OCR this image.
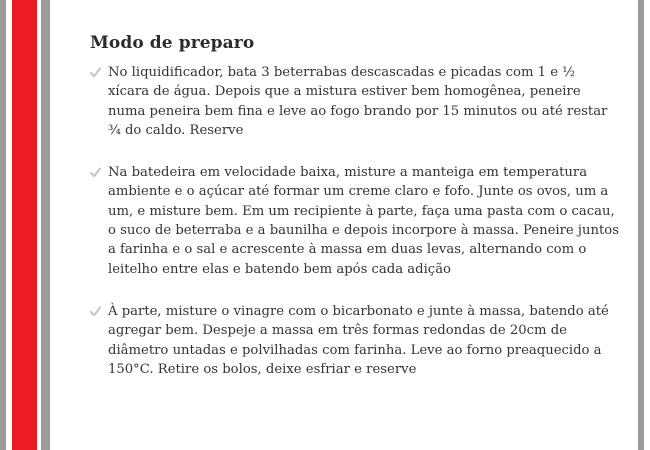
Modo de preparo
No liquidificador, bata 3 beterrabas descascadas e picadas com 1 e ½ xícara de água. Depois que a mistura estiver bem homogênea, peneire numa peneira bem fina e leve ao fogo brando por 15 minutos ou até restar ¾ do caldo. Reserve
Na batedeira em velocidade baixa, misture a manteiga em temperatura ambiente e o açúcar até formar um creme claro e fofo. Junte os ovos, um a um, e misture bem. Em um recipiente à parte, faça uma pasta com o cacau, o suco de beterraba e a baunilha e depois incorpore à massa. Peneire juntos a farinha e o sal e acrescente à massa em duas levas, alternando com o leitelho entre elas e batendo bem após cada adição
À parte, misture o vinagre com o bicarbonato e junte à massa, batendo até agregar bem. Despeje a massa em três formas redondas de 20cm de diâmetro untadas e polvilhadas com farinha. Leve ao forno preaquecido a 150°C. Retire os bolos, deixe esfriar e reserve
